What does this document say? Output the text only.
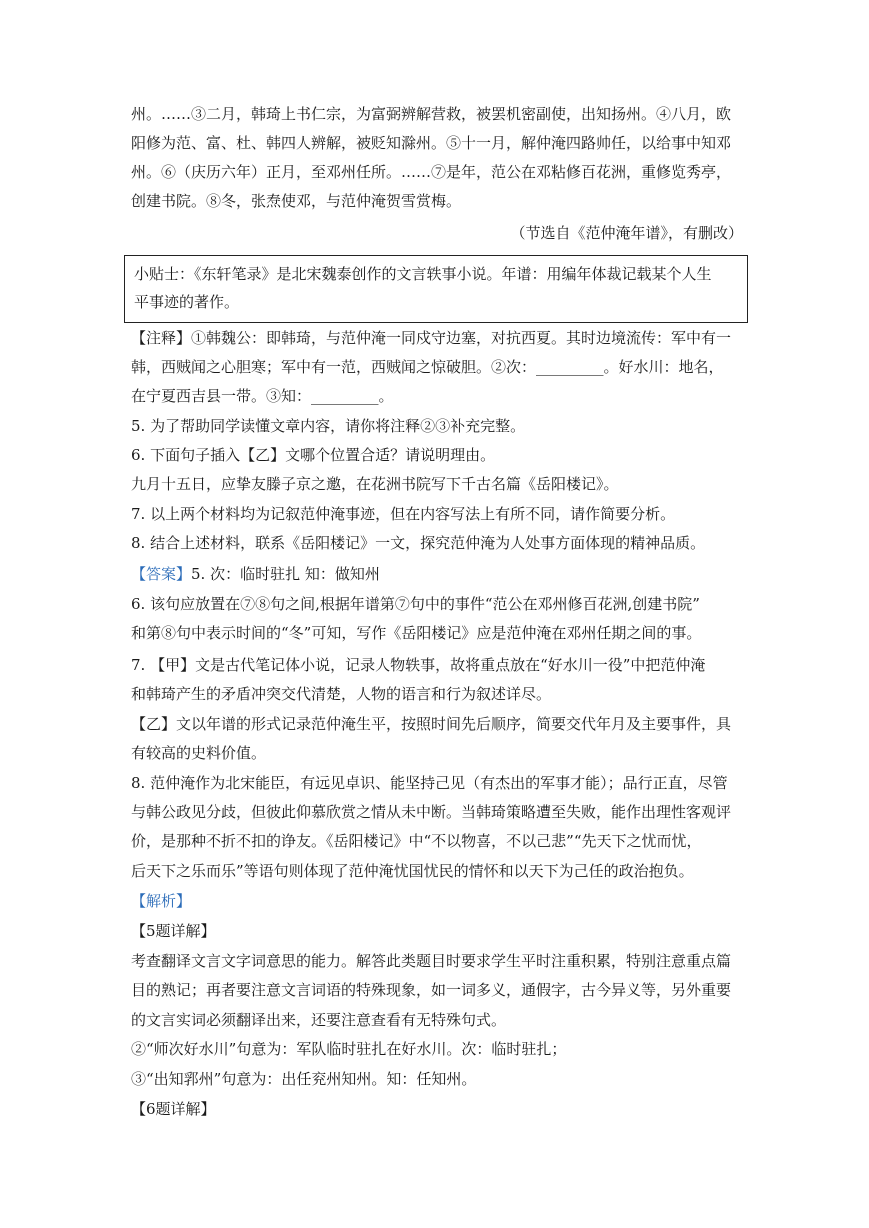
州。……③二月，韩琦上书仁宗，为富弼辨解营救，被罢机密副使，出知扬州。④八月，欧
阳修为范、富、杜、韩四人辨解，被贬知滁州。⑤十一月，解仲淹四路帅任，以给事中知邓
州。⑥（庆历六年）正月，至邓州任所。……⑦是年，范公在邓粘修百花洲，重修览秀亭，
创建书院。⑧冬，张焘使邓，与范仲淹贺雪赏梅。
（节选自《范仲淹年谱》，有删改）
小贴士：《东轩笔录》是北宋魏泰创作的文言轶事小说。年谱：用编年体裁记载某个人生
平事迹的著作。
【注释】①韩魏公：即韩琦，与范仲淹一同戍守边塞，对抗西夏。其时边境流传：军中有一
韩，西贼闻之心胆寒；军中有一范，西贼闻之惊破胆。②次：_________。好水川：地名，
在宁夏西吉县一带。③知：_________。
5. 为了帮助同学读懂文章内容，请你将注释②③补充完整。
6. 下面句子插入【乙】文哪个位置合适？请说明理由。
九月十五日，应挚友滕子京之邀，在花洲书院写下千古名篇《岳阳楼记》。
7. 以上两个材料均为记叙范仲淹事迹，但在内容写法上有所不同，请作简要分析。
8. 结合上述材料，联系《岳阳楼记》一文，探究范仲淹为人处事方面体现的精神品质。
【答案】5. 次：临时驻扎 知：做知州
6. 该句应放置在⑦⑧句之间,根据年谱第⑦句中的事件“范公在邓州修百花洲,创建书院”
和第⑧句中表示时间的“冬”可知，写作《岳阳楼记》应是范仲淹在邓州任期之间的事。
7. 【甲】文是古代笔记体小说，记录人物轶事，故将重点放在“好水川一役”中把范仲淹
和韩琦产生的矛盾冲突交代清楚，人物的语言和行为叙述详尽。
【乙】文以年谱的形式记录范仲淹生平，按照时间先后顺序，简要交代年月及主要事件，具
有较高的史料价值。
8. 范仲淹作为北宋能臣，有远见卓识、能坚持己见（有杰出的军事才能）；品行正直，尽管
与韩公政见分歧，但彼此仰慕欣赏之情从未中断。当韩琦策略遭至失败，能作出理性客观评
价，是那种不折不扣的诤友。《岳阳楼记》中“不以物喜，不以己悲”“先天下之忧而忧，
后天下之乐而乐”等语句则体现了范仲淹忧国忧民的情怀和以天下为己任的政治抱负。
【解析】
【5题详解】
考查翻译文言文字词意思的能力。解答此类题目时要求学生平时注重积累，特别注意重点篇
目的熟记；再者要注意文言词语的特殊现象，如一词多义，通假字，古今异义等，另外重要
的文言实词必须翻译出来，还要注意查看有无特殊句式。
②“师次好水川”句意为：军队临时驻扎在好水川。次：临时驻扎；
③“出知郛州”句意为：出任兖州知州。知：任知州。
【6题详解】
